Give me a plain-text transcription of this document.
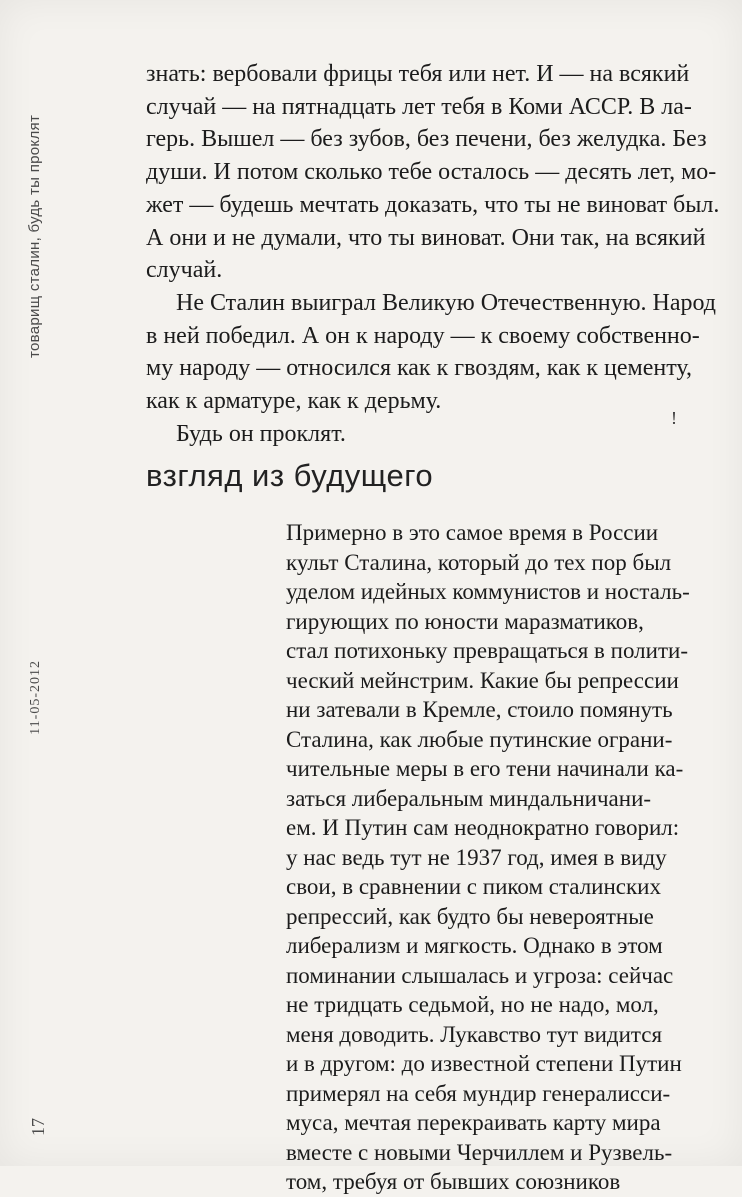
товарищ сталин, будь ты проклят
11-05-2012
17
знать: вербовали фрицы тебя или нет. И — на всякий
случай — на пятнадцать лет тебя в Коми АССР. В ла-
герь. Вышел — без зубов, без печени, без желудка. Без
души. И потом сколько тебе осталось — десять лет, мо-
жет — будешь мечтать доказать, что ты не виноват был.
А они и не думали, что ты виноват. Они так, на всякий
случай.
Не Сталин выиграл Великую Отечественную. Народ
в ней победил. А он к народу — к своему собственно-
му народу — относился как к гвоздям, как к цементу,
как к арматуре, как к дерьму.
Будь он проклят.
ǃ
взгляд из будущего
Примерно в это самое время в России
культ Сталина, который до тех пор был
уделом идейных коммунистов и носталь-
гирующих по юности маразматиков,
стал потихоньку превращаться в полити-
ческий мейнстрим. Какие бы репрессии
ни затевали в Кремле, стоило помянуть
Сталина, как любые путинские ограни-
чительные меры в его тени начинали ка-
заться либеральным миндальничани-
ем. И Путин сам неоднократно говорил:
у нас ведь тут не 1937 год, имея в виду
свои, в сравнении с пиком сталинских
репрессий, как будто бы невероятные
либерализм и мягкость. Однако в этом
поминании слышалась и угроза: сейчас
не тридцать седьмой, но не надо, мол,
меня доводить. Лукавство тут видится
и в другом: до известной степени Путин
примерял на себя мундир генералисси-
муса, мечтая перекраивать карту мира
вместе с новыми Черчиллем и Рузвель-
том, требуя от бывших союзников
